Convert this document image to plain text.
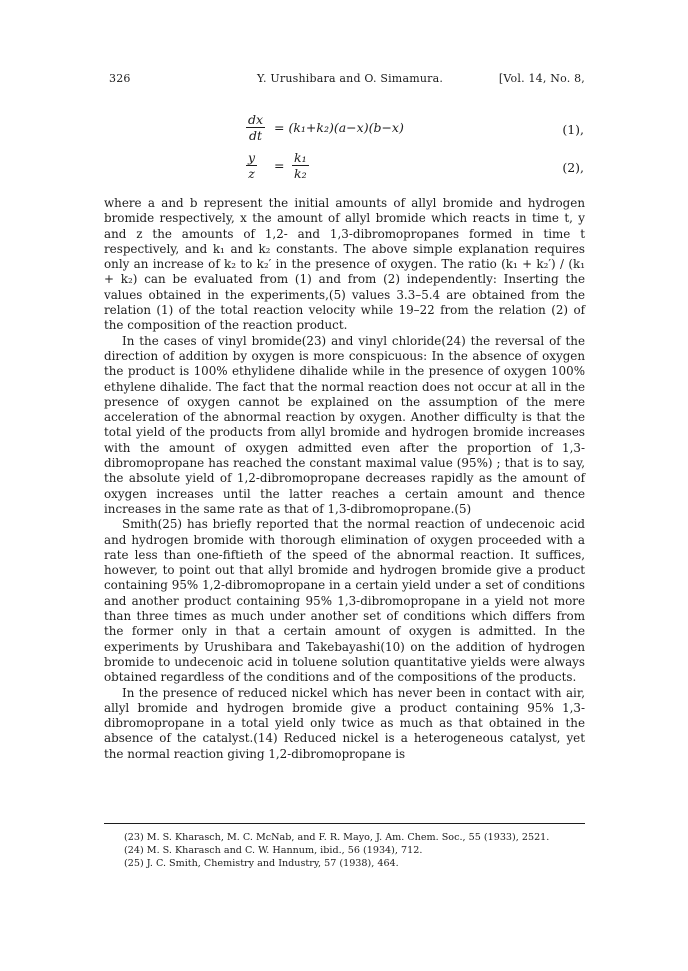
326	Y. Urushibara and O. Simamura.	[Vol. 14, No. 8,
$\frac{dx}{dt} = (k_1+k_2)(a-x)(b-x)$	(1),
$\frac{y}{z} = \frac{\text{k₁}}{\text{k₂}}$	(2),

where a and b represent the initial amounts of allyl bromide and hydrogen bromide respectively, x the amount of allyl bromide which reacts in time t, y and z the amounts of 1,2- and 1,3-dibromopropanes formed in time t respectively, and k₁ and k₂ constants. The above simple explanation requires only an increase of k₂ to k₂′ in the presence of oxygen. The ratio (k₁ + k₂′) / (k₁ + k₂) can be evaluated from (1) and from (2) independently: Inserting the values obtained in the experiments,(5) values 3.3–5.4 are obtained from the relation (1) of the total reaction velocity while 19–22 from the relation (2) of the composition of the reaction product.

In the cases of vinyl bromide(23) and vinyl chloride(24) the reversal of the direction of addition by oxygen is more conspicuous: In the absence of oxygen the product is 100% ethylidene dihalide while in the presence of oxygen 100% ethylene dihalide. The fact that the normal reaction does not occur at all in the presence of oxygen cannot be explained on the assumption of the mere acceleration of the abnormal reaction by oxygen. Another difficulty is that the total yield of the products from allyl bromide and hydrogen bromide increases with the amount of oxygen admitted even after the proportion of 1,3-dibromopropane has reached the constant maximal value (95%) ; that is to say, the absolute yield of 1,2-dibromopropane decreases rapidly as the amount of oxygen increases until the latter reaches a certain amount and thence increases in the same rate as that of 1,3-dibromopropane.(5)

Smith(25) has briefly reported that the normal reaction of undecenoic acid and hydrogen bromide with thorough elimination of oxygen proceeded with a rate less than one-fiftieth of the speed of the abnormal reaction. It suffices, however, to point out that allyl bromide and hydrogen bromide give a product containing 95% 1,2-dibromopropane in a certain yield under a set of conditions and another product containing 95% 1,3-dibromopropane in a yield not more than three times as much under another set of conditions which differs from the former only in that a certain amount of oxygen is admitted. In the experiments by Urushibara and Takebayashi(10) on the addition of hydrogen bromide to undecenoic acid in toluene solution quantitative yields were always obtained regardless of the conditions and of the compositions of the products.

In the presence of reduced nickel which has never been in contact with air, allyl bromide and hydrogen bromide give a product containing 95% 1,3-dibromopropane in a total yield only twice as much as that obtained in the absence of the catalyst.(14) Reduced nickel is a heterogeneous catalyst, yet the normal reaction giving 1,2-dibromopropane is

(23) M. S. Kharasch, M. C. McNab, and F. R. Mayo, J. Am. Chem. Soc., 55 (1933), 2521.

(24) M. S. Kharasch and C. W. Hannum, ibid., 56 (1934), 712.

(25) J. C. Smith, Chemistry and Industry, 57 (1938), 464.
